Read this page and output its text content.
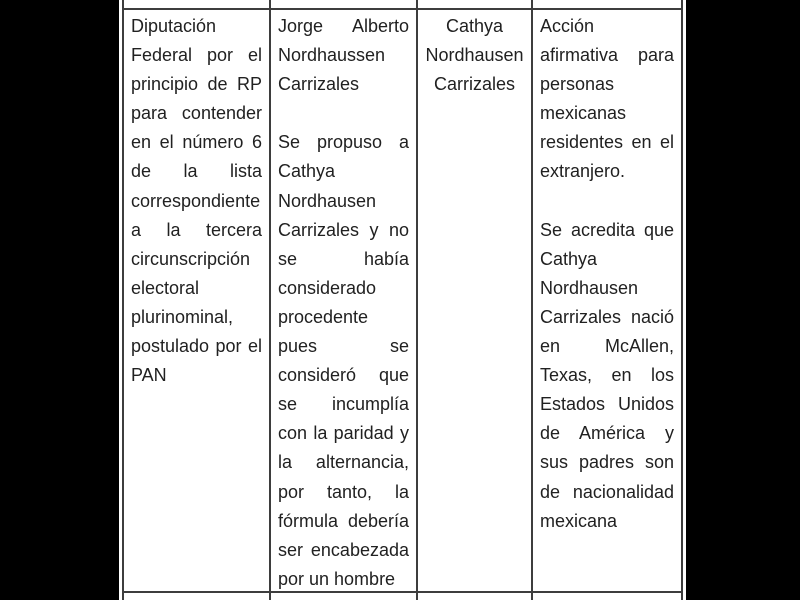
Diputación Federal por el principio de RP para contender en el número 6 de la lista correspondiente a la tercera circunscripción electoral plurinominal, postulado por el PAN

Jorge Alberto Nordhaussen Carrizales

Se propuso a Cathya Nordhausen Carrizales y no se había considerado procedente pues se consideró que se incumplía con la paridad y la alternancia, por tanto, la fórmula debería ser encabezada por un hombre

Cathya Nordhausen Carrizales

Acción afirmativa para personas mexicanas residentes en el extranjero.

Se acredita que Cathya Nordhausen Carrizales nació en McAllen, Texas, en los Estados Unidos de América y sus padres son de nacionalidad mexicana
